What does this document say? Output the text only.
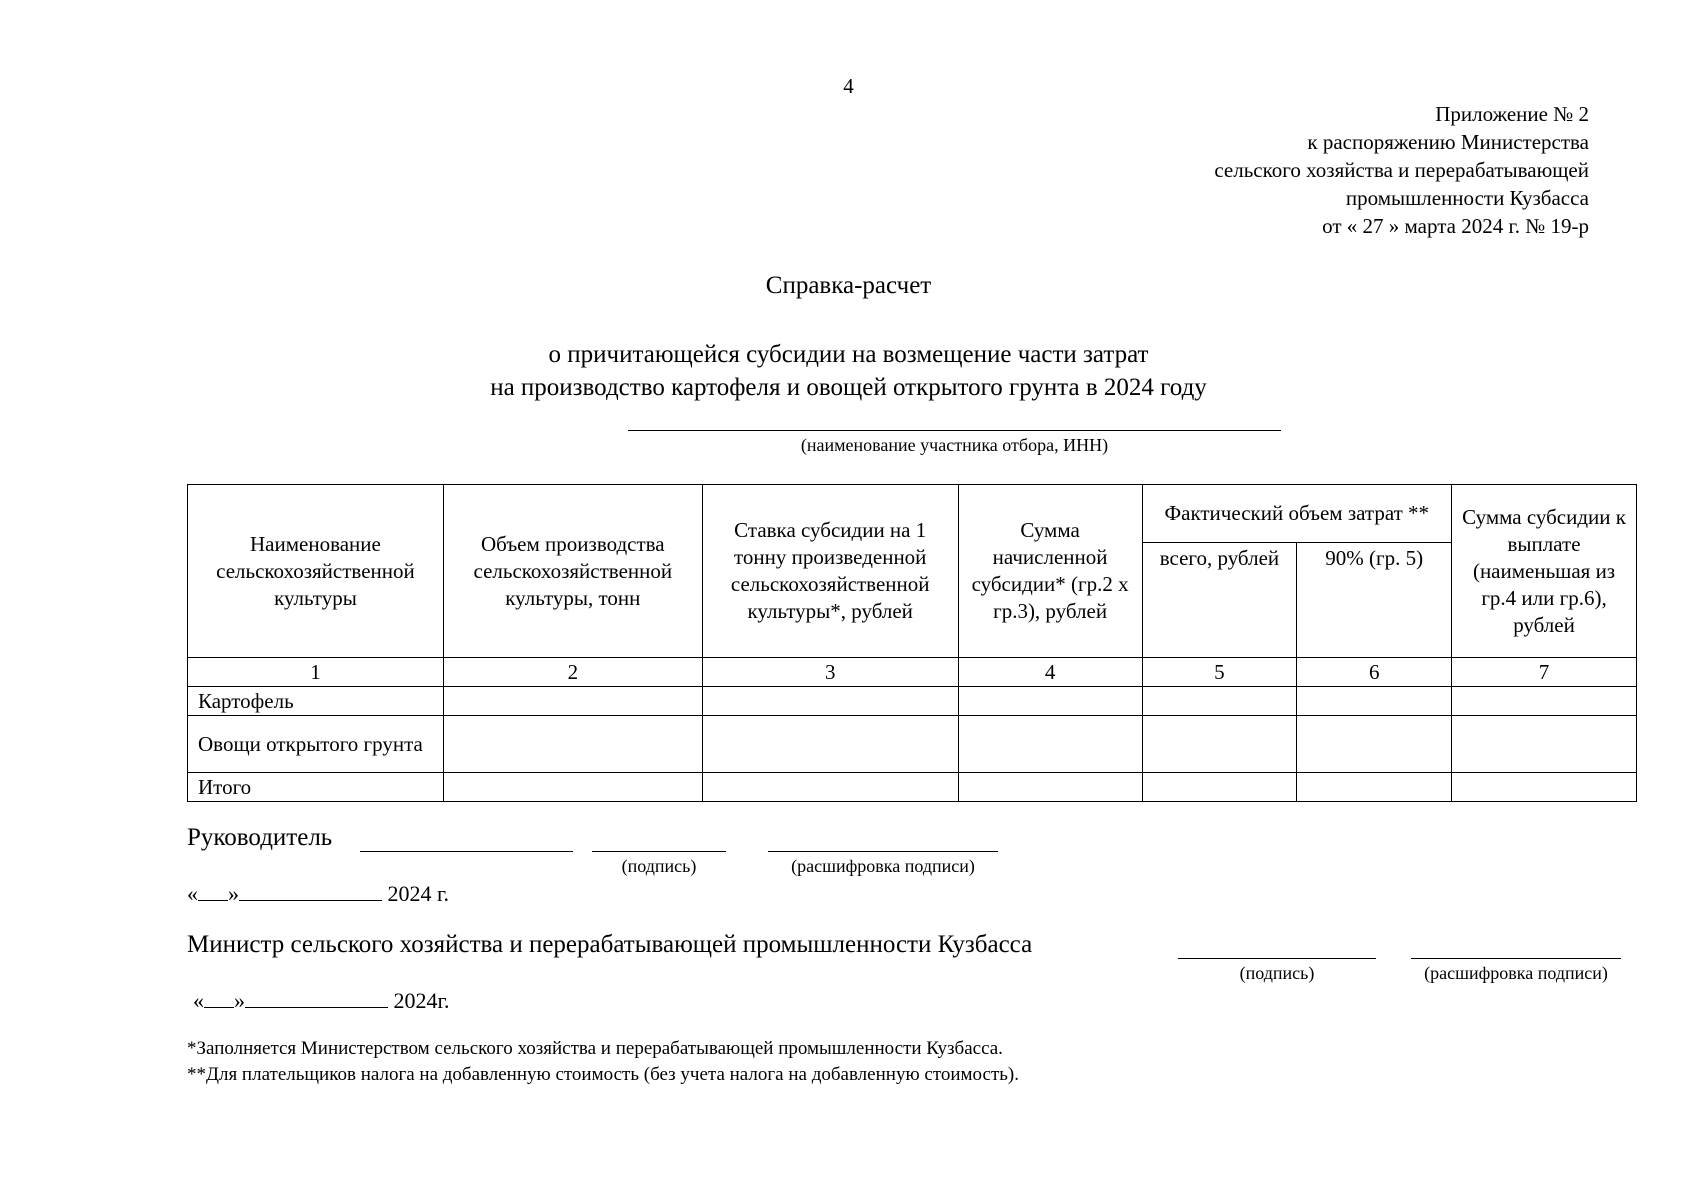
4
Приложение № 2
к распоряжению Министерства
сельского хозяйства и перерабатывающей
промышленности Кузбасса
от « 27 » марта 2024 г. № 19-р
Справка-расчет
о причитающейся субсидии на возмещение части затрат
на производство картофеля и овощей открытого грунта в 2024 году
(наименование участника отбора, ИНН)
Наименование сельскохозяйственной культуры	Объем производства сельскохозяйственной культуры, тонн	Ставка субсидии на 1 тонну произведенной сельскохозяйственной культуры*, рублей	Сумма начисленной субсидии* (гр.2 х гр.3), рублей	Фактический объем затрат **		Сумма субсидии к выплате (наименьшая из гр.4 или гр.6), рублей
				всего, рублей	90% (гр. 5)	
1	2	3	4	5	6	7
Картофель						
Овощи открытого грунта						
Итого						
Руководитель
(подпись)	(расшифровка подписи)
« »	2024 г.
Министр сельского хозяйства и перерабатывающей промышленности Кузбасса
(подпись)	(расшифровка подписи)
« »	2024г.
*Заполняется Министерством сельского хозяйства и перерабатывающей промышленности Кузбасса.
**Для плательщиков налога на добавленную стоимость (без учета налога на добавленную стоимость).
